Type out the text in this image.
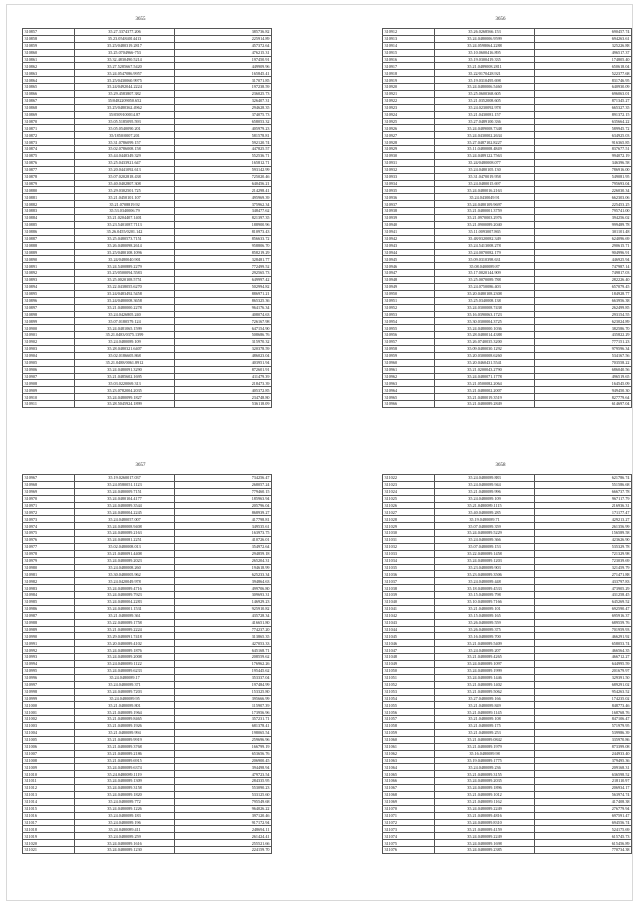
3655
310857	35.27.3374377.206	385736.82
310858	35.23.05484014413	225914.89
310859	35.25/0480319.2817	457372.64
310860	35.25.0704966-753	476215.31
310861	35.32.4830490.5214	197450.91
310862	35.27.5285667.5420	449909.96
310863	35.24.0547086.9957	165845.41
310864	35.25/0430060.9975	317071.85
310865	35.24/0492044.2224	197238.59
310866	35.29.4583807.382	236025.73
310867	35/0482209050.652	326407.31
310868	35.25/0480362.4962	294628.35
310869	35/0509100014.87	374075.73
310870	35.05.5185095.593	658053.32
310871	35.05.0540090.201	405979.23
310872	35/1850/0007.201	581578.81
310873	35.31.0786099.157	592120.74
310874	35.02.0786008.158	447825.57
310875	35.44.0440349.329	552536.71
310876	35.25.0433921.647	165812.71
310877	35.20.0441092.613	593142.99
310878	35.07.0202818.438	725020.46
310879	35.40.0402807.308	640456.21
310880	35.29.0302501.725	214298.41
310881	35.21.0450101.107	495969.39
310882	35.21.0708819.92	375962.34
310883	35.53.0340006.79	348477.62
310884	35.21.0204407.1401	821397.35
310885	35.23.5401087.7113	188900.96
310886	35.26.0455/0201.142	810973.43
310887	35.25.0480573.7151	856633.72
310888	35.26.0480098.2614	958806.70
310889	35.25/0480108.1096	858219.29
310890	35.24/0480040.901	328481.77
310891	35.24.5400889.2279	772499.52
310892	35.25/0500094.5583	292565.73
310893	35.25.0020108.5751	649997.42
310894	35.22.0438055.6270	502994.82
310895	35.24/0483492.5458	886971.21
310896	35.24/0480008.3658	865325.36
310897	35.21.0480000.2278	964176.34
310898	35.24.0426805.240	408074.63
310899	35.07.0180579.124	726167.98
310900	35.24.0481065.1599	647154.90
310901	35.21.0483/0375.1399	508686.76
310902	35.24.0480089.109	315970.32
310903	35.28.0480321.6407	320378.59
310904	35.02.0186605.868	486023.04
310905	35.21.0488/0061.8912	403951.94
310906	35.24.0480091.3290	872601.91
310907	35.21.0485602.1695	411479.39
310908	35.03.0220069.313	218473.39
310909	35.23.0782004.2035	405372.85
310910	35.24.0480099.1827	234748.80
310911	35.28.5045924.1899	536118.09
3656
310912	35.26.0268566.153	690457.74
310913	35.24.0480006.9599	694263.61
310914	35.24.0598064.2288	325226.88
310915	35.10.0600416.895	496517.37
310916	35.19.0300419.335	174805.40
310917	35.21.0489008.2811	650618.04
310918	35.22/0170428.921	522377.68
310919	35.19.0310495.698	831746.95
310920	35.24.0480006.5460	640930.09
310921	35.25.0600368.605	696063.01
310922	35.21.0352008.605	871345.27
310923	35.24.0230092.978	665327.35
310924	35.21.0430081.157	891372.15
310925	35.27.0489100.336	635664.22
310926	35.24.0489008.7348	589945.72
310927	35.24.0430002.2634	634925.03
310928	35.27.0487102.8227	916365.85
310929	35.11.0480008.4849	837677.51
310930	35.24.0489122.7563	994072.19
310931	35.24/0480008.077	346396.58
310932	35.24.0480105.130	786916.00
310933	35.31.0470019.958	549081.95
310934	35.24.0480015.697	795693.04
310935	35.24.0480016.2163	226030.34
310936	35.24.0430049.91	662303.06
310937	35.24.0480109.9697	225453.25
310938	35.21.0480001.3759	795741.00
310939	35.21.0970003.2976	394256.02
310940	35.21.0900089.2040	999489.78
310941	35.11.0093007.865	301101.48
310942	35.48/0320082.349	624096.69
310943	35.24.5413008.278	290615.71
310944	35.24.0070082.179	904996.91
310945	35.09.0310398.631	446925.94
310946	35.08.0400089.87	747987.14
310947	35.17.0020144.909	749817.03
310948	35.25.0070089.788	282226.40
310949	35.24.0750086.403	657079.45
310950	35.20.0480108.2308	184928.77
310951	35.25.0340008.138	663956.38
310952	35.24.0300008.7438	262499.85
310953	35.16.0390063.1723	293154.55
310954	35.30.0300004.3725	623024.89
310955	35.24.0480000.1036	382586.70
310956	35.28.0480014.4388	435822.29
310957	35.26.0740035.3200	777151.23
310958	35.09.0480030.1292	979596.34
310959	35.20.0300008.6260	534167.56
310960	35.20.0460431.5541	703558.22
310961	35.21.0200043.2790	686040.56
310962	35.24.0480071.1778	496519.65
310963	35.21.0500082.2064	164545.09
310964	35.21.0480002.2007	949450.30
310965	35.21.0480019.3519	827779.64
310966	35.21.0480089.2849	614697.04
3657
310967	35.19.0260017.037	734256.47
310968	35.24.0580051.1123	268057.24
310969	35.24.0480009.7151	779460.15
310970	35.24.0480104.4177	185963.94
310971	35.24.0480089.3544	205796.04
310972	35.24.0480004.2245	868939.27
310973	35.24.0480057.007	417798.81
310974	35.24.0480008.9408	349535.61
310975	35.24.0480089.2163	163973.75
310976	35.24.0480081.2251	410726.01
310977	35.02.0480008.013	354972.64
310978	35.21.0480091.4408	294859.18
310979	35.24.0480089.2023	265204.31
310980	35.24.0480008.260	194618.99
310981	35.30.0480005.962	625233.34
310982	35.24.0420049.978	394864.63
310983	35.24.0480089.4716	499706.80
310984	35.24.0480089.7923	309693.31
310985	35.24.0480004.2283	146929.23
310986	35.24.0480001.1531	925910.82
310987	35.21.0480089.361	435728.34
310988	35.22.0480089.1758	416651.80
310989	35.21.0480089.2224	774237.20
310990	35.29.0480091.7418	313865.35
310991	35.20.0480089.4102	427053.33
310992	35.24.0480089.1876	645168.71
310993	35.24.0480089.2008	208559.62
310994	35.24.0480089.1122	176962.26
310995	35.24.0480089.6233	195445.62
310996	35.24.0480089.17	353337.04
310997	35.24.0480089.371	197484.99
310998	35.24.0480089.7203	153325.80
310999	35.24.0480089.95	395666.99
311000	35.21.0480089.801	115907.39
311001	35.21.0480089.1964	173956.96
311002	35.21.0480089.8465	357231.71
311003	35.21.0480089.1926	681378.41
311004	35.21.0480089.994	198065.54
311005	35.21.0480089.9919	259696.96
311006	35.21.0480089.3768	166799.19
311007	35.21.0480089.2186	653656.76
311008	35.21.0480089.6915	206900.45
311009	35.24.0480089.6374	394498.94
311010	35.24.0480089.1119	479723.54
311011	35.24.0480089.1309	284335.95
311012	35.24.0480089.3158	553090.23
311013	35.24.0480089.1820	533125.60
311014	35.24.0480089.772	795549.68
311015	35.24.0480089.1226	964026.22
311016	35.24.0480089.183	397120.46
311017	35.24.0480089.196	917172.94
311018	35.24.0480089.411	248694.11
311019	35.24.0480089.259	261424.41
311020	35.24.0480089.1616	255521.66
311021	35.24.0480089.1230	224159.70
3658
311022	35.24.0480089.883	621786.74
311023	35.24.0480089.944	551586.68
311024	35.21.0480089.996	666737.78
311025	35.24.0480089.109	967117.79
311026	35.21.0480089.1115	216936.31
311027	35.40.0480089.285	171177.47
311028	35.19.0480089.71	429213.27
311029	35.07.0480089.359	261356.99
311030	35.24.0480089.5229	156589.58
311031	35.24.0480089.366	423626.90
311032	35.07.0480089.153	535329.78
311033	35.22.0480089.1458	721329.98
311034	35.24.0480089.1203	723039.69
311035	35.23.0480089.903	321459.79
311036	35.23.0480089.3506	271471.88
311037	35.24.0480089.448	433797.83
311038	35.18.0480089.4533	473905.29
311039	35.15.0480089.798	431258.45
311040	35.10.0480089.7166	645269.52
311041	35.21.0480089.101	692590.47
311042	35.15.0480089.165	695916.37
311043	35.26.0480089.559	689559.76
311044	35.26.0480089.375	701959.93
311045	35.16.0480089.700	466291.92
311046	35.21.0480089.5409	658053.74
311047	35.24.0480089.207	466564.35
311048	35.21.0480089.4265	466712.27
311049	35.24.0480089.1097	644995.59
311050	35.24.0480089.1999	201679.97
311051	35.24.0480089.1446	329391.50
311052	35.21.0480089.1402	689291.02
311053	35.21.0480089.5062	954263.52
311054	35.27.0480089.166	174235.02
311055	35.21.0480089.849	848773.46
311056	35.21.0480089.1145	168768.76
311057	35.21.0480089.108	847106.47
311058	35.21.0480089.175	571979.95
311059	35.21.0480089.253	539986.39
311060	35.21.0480089.0842	335970.86
311061	35.21.0480089.1979	873399.08
311062	35.16.0480089.98	244933.40
311063	35.19.0480089.1775	379495.36
311064	35.24.0480089.236	209168.31
311065	35.21.0480089.3155	636598.52
311066	35.24.0480089.2035	218110.97
311067	35.24.0480089.1896	206934.17
311068	35.21.0480089.1012	563974.74
311069	35.21.0480089.1162	417408.38
311070	35.24.0480089.2249	276779.94
311071	35.21.0480089.4816	697591.47
311072	35.24.0480089.8310	694556.74
311073	35.21.0480089.4159	524175.69
311074	35.24.0480089.2249	615745.73
311075	35.24.0480089.1698	615456.89
311076	35.24.0480089.2385	770734.38
